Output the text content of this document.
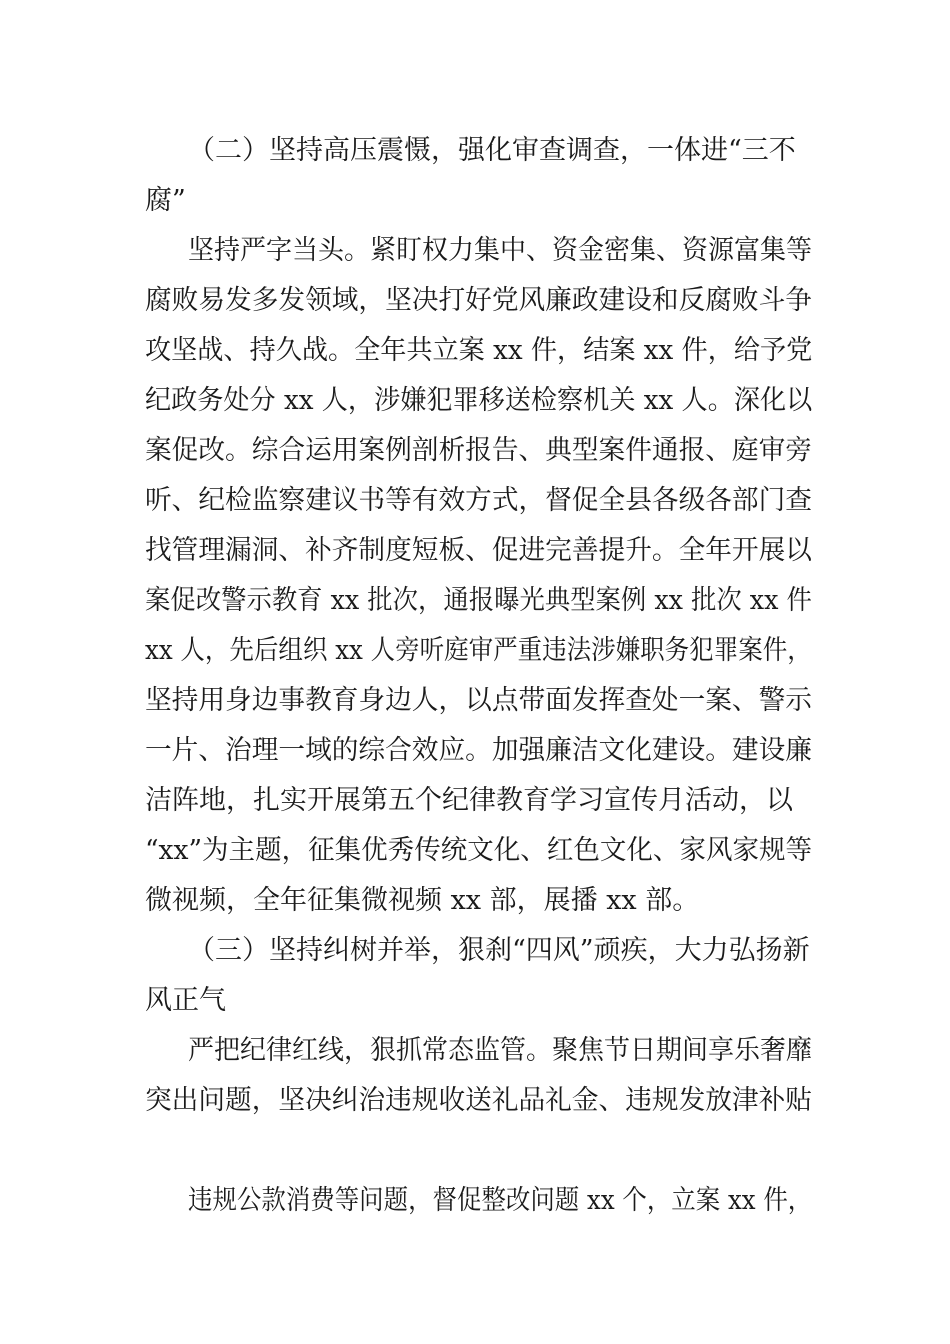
（二）坚持高压震慑，强化审查调查，一体进“三不
腐”
坚持严字当头。紧盯权力集中、资金密集、资源富集等
腐败易发多发领域，坚决打好党风廉政建设和反腐败斗争
攻坚战、持久战。全年共立案 xx 件，结案 xx 件，给予党
纪政务处分 xx 人，涉嫌犯罪移送检察机关 xx 人。深化以
案促改。综合运用案例剖析报告、典型案件通报、庭审旁
听、纪检监察建议书等有效方式，督促全县各级各部门查
找管理漏洞、补齐制度短板、促进完善提升。全年开展以
案促改警示教育 xx 批次，通报曝光典型案例 xx 批次 xx 件
xx 人，先后组织 xx 人旁听庭审严重违法涉嫌职务犯罪案件，
坚持用身边事教育身边人，以点带面发挥查处一案、警示
一片、治理一域的综合效应。加强廉洁文化建设。建设廉
洁阵地，扎实开展第五个纪律教育学习宣传月活动，以
“xx”为主题，征集优秀传统文化、红色文化、家风家规等
微视频，全年征集微视频 xx 部，展播 xx 部。
（三）坚持纠树并举，狠刹“四风”顽疾，大力弘扬新
风正气
严把纪律红线，狠抓常态监管。聚焦节日期间享乐奢靡
突出问题，坚决纠治违规收送礼品礼金、违规发放津补贴
违规公款消费等问题，督促整改问题 xx 个，立案 xx 件，
